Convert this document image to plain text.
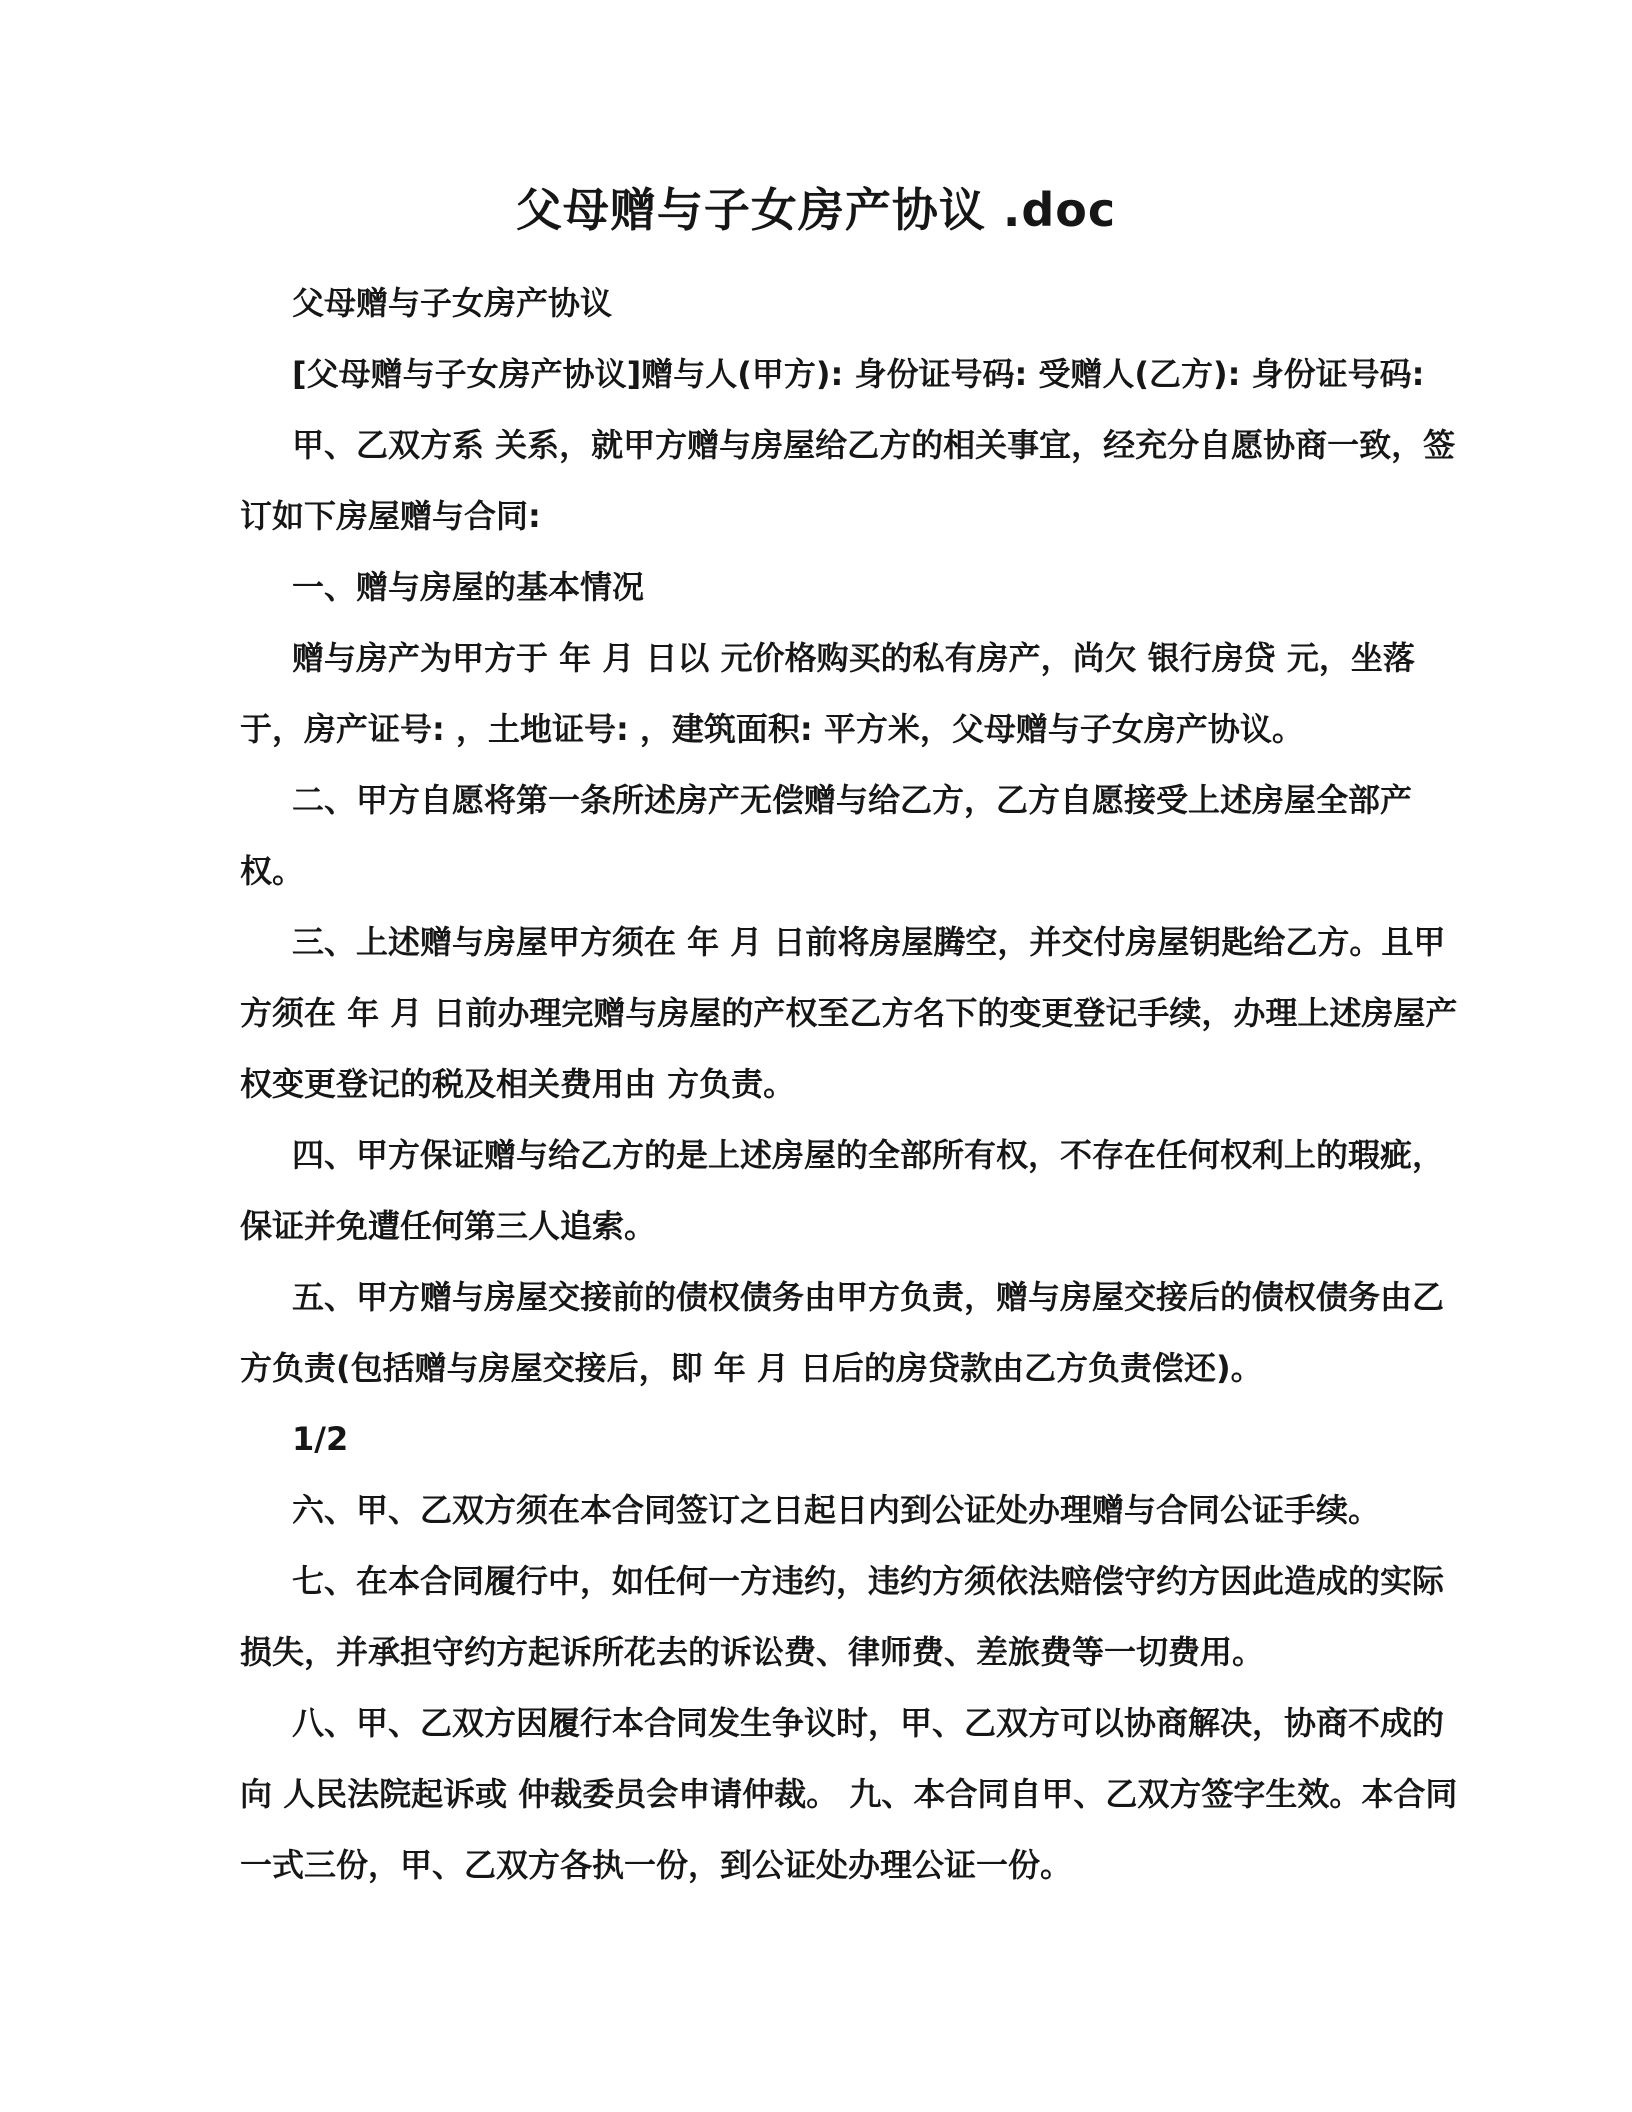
父母赠与子女房产协议 .doc

父母赠与子女房产协议

[父母赠与子女房产协议]赠与人(甲方): 身份证号码: 受赠人(乙方): 身份证号码:

甲、乙双方系 关系，就甲方赠与房屋给乙方的相关事宜，经充分自愿协商一致，签订如下房屋赠与合同:

一、赠与房屋的基本情况

赠与房产为甲方于 年 月 日以 元价格购买的私有房产，尚欠 银行房贷 元，坐落于，房产证号: ，土地证号: ，建筑面积: 平方米，父母赠与子女房产协议。

二、甲方自愿将第一条所述房产无偿赠与给乙方，乙方自愿接受上述房屋全部产权。

三、上述赠与房屋甲方须在 年 月 日前将房屋腾空，并交付房屋钥匙给乙方。且甲方须在 年 月 日前办理完赠与房屋的产权至乙方名下的变更登记手续，办理上述房屋产权变更登记的税及相关费用由 方负责。

四、甲方保证赠与给乙方的是上述房屋的全部所有权，不存在任何权利上的瑕疵，保证并免遭任何第三人追索。

五、甲方赠与房屋交接前的债权债务由甲方负责，赠与房屋交接后的债权债务由乙方负责(包括赠与房屋交接后，即 年 月 日后的房贷款由乙方负责偿还)。

1/2

六、甲、乙双方须在本合同签订之日起日内到公证处办理赠与合同公证手续。

七、在本合同履行中，如任何一方违约，违约方须依法赔偿守约方因此造成的实际损失，并承担守约方起诉所花去的诉讼费、律师费、差旅费等一切费用。

八、甲、乙双方因履行本合同发生争议时，甲、乙双方可以协商解决，协商不成的向 人民法院起诉或 仲裁委员会申请仲裁。 九、本合同自甲、乙双方签字生效。本合同一式三份，甲、乙双方各执一份，到公证处办理公证一份。
